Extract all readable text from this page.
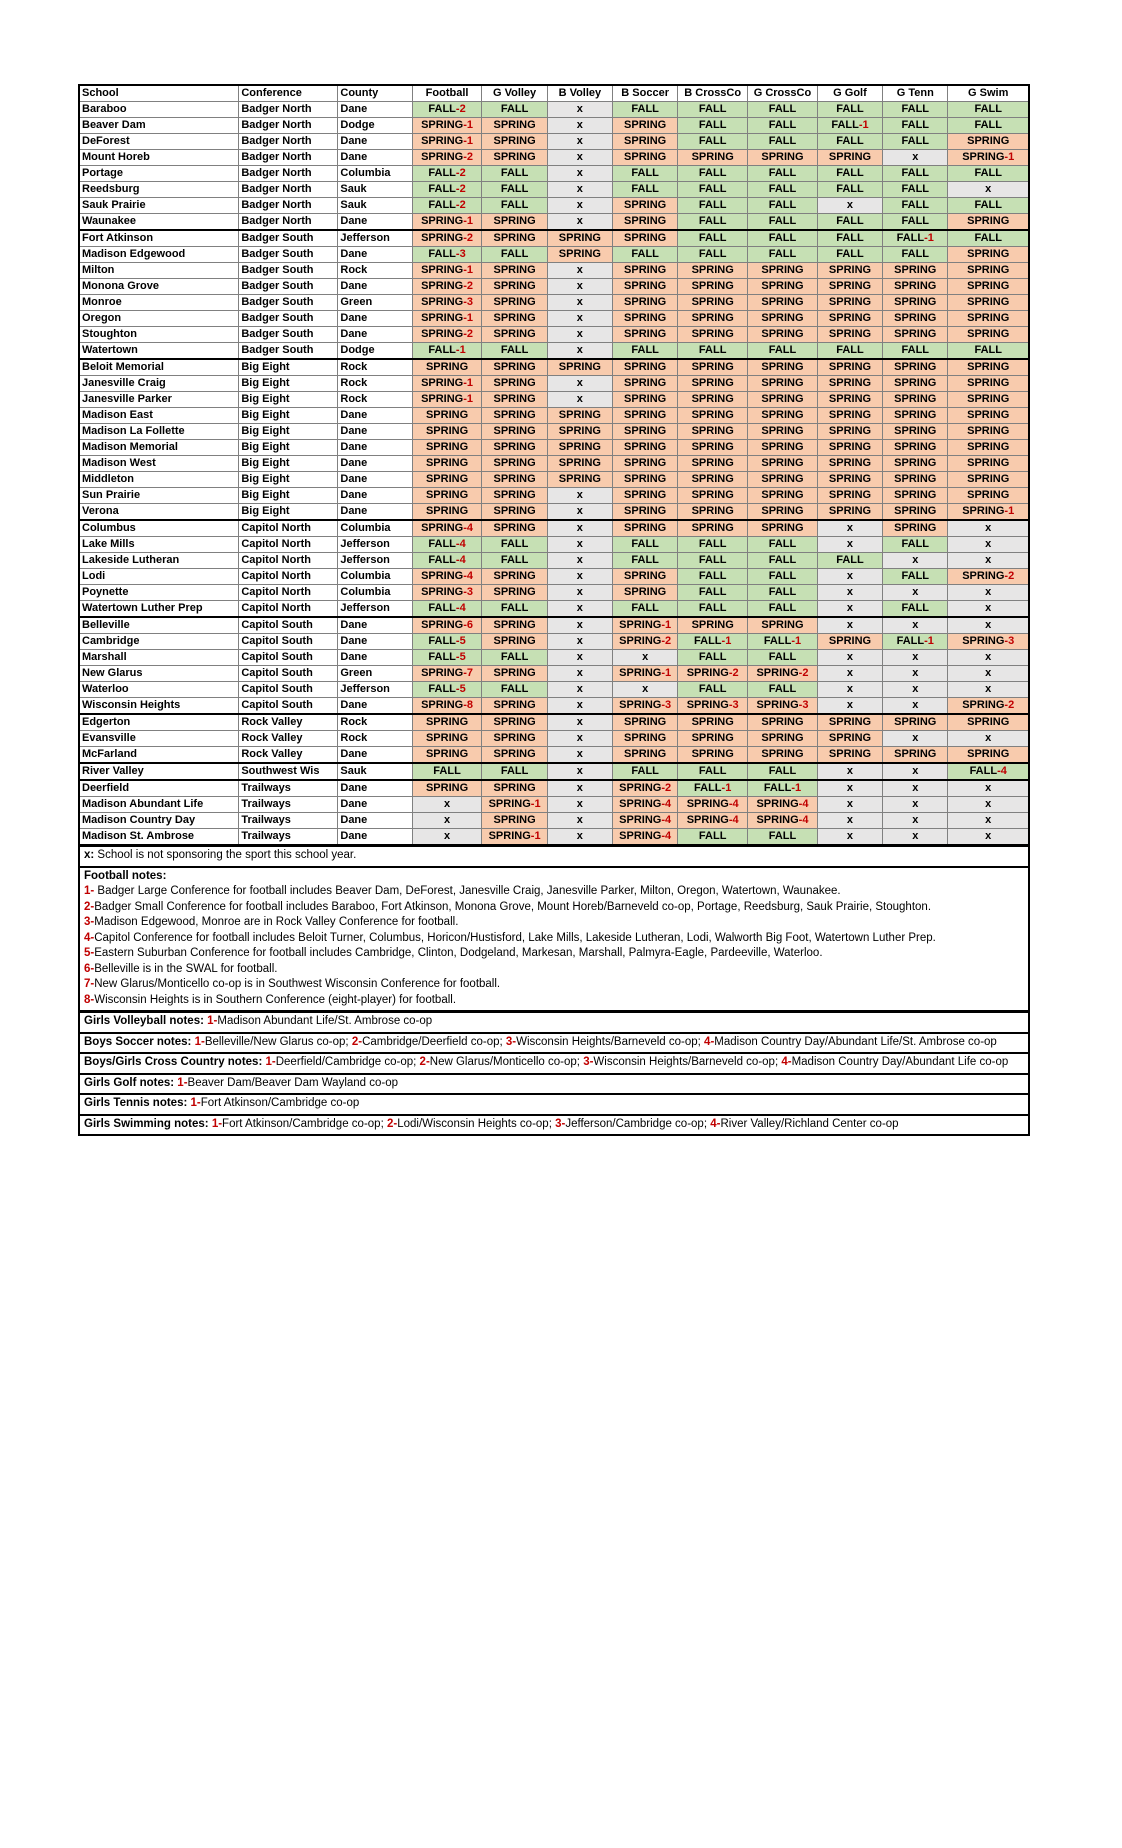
School	Conference	County	Football	G Volley	B Volley	B Soccer	B CrossCo	G CrossCo	G Golf	G Tenn	G Swim
Baraboo	Badger North	Dane	FALL-2	FALL	x	FALL	FALL	FALL	FALL	FALL	FALL
Beaver Dam	Badger North	Dodge	SPRING-1	SPRING	x	SPRING	FALL	FALL	FALL-1	FALL	FALL
DeForest	Badger North	Dane	SPRING-1	SPRING	x	SPRING	FALL	FALL	FALL	FALL	SPRING
Mount Horeb	Badger North	Dane	SPRING-2	SPRING	x	SPRING	SPRING	SPRING	SPRING	x	SPRING-1
Portage	Badger North	Columbia	FALL-2	FALL	x	FALL	FALL	FALL	FALL	FALL	FALL
Reedsburg	Badger North	Sauk	FALL-2	FALL	x	FALL	FALL	FALL	FALL	FALL	x
Sauk Prairie	Badger North	Sauk	FALL-2	FALL	x	SPRING	FALL	FALL	x	FALL	FALL
Waunakee	Badger North	Dane	SPRING-1	SPRING	x	SPRING	FALL	FALL	FALL	FALL	SPRING
Fort Atkinson	Badger South	Jefferson	SPRING-2	SPRING	SPRING	SPRING	FALL	FALL	FALL	FALL-1	FALL
Madison Edgewood	Badger South	Dane	FALL-3	FALL	SPRING	FALL	FALL	FALL	FALL	FALL	SPRING
Milton	Badger South	Rock	SPRING-1	SPRING	x	SPRING	SPRING	SPRING	SPRING	SPRING	SPRING
Monona Grove	Badger South	Dane	SPRING-2	SPRING	x	SPRING	SPRING	SPRING	SPRING	SPRING	SPRING
Monroe	Badger South	Green	SPRING-3	SPRING	x	SPRING	SPRING	SPRING	SPRING	SPRING	SPRING
Oregon	Badger South	Dane	SPRING-1	SPRING	x	SPRING	SPRING	SPRING	SPRING	SPRING	SPRING
Stoughton	Badger South	Dane	SPRING-2	SPRING	x	SPRING	SPRING	SPRING	SPRING	SPRING	SPRING
Watertown	Badger South	Dodge	FALL-1	FALL	x	FALL	FALL	FALL	FALL	FALL	FALL
Beloit Memorial	Big Eight	Rock	SPRING	SPRING	SPRING	SPRING	SPRING	SPRING	SPRING	SPRING	SPRING
Janesville Craig	Big Eight	Rock	SPRING-1	SPRING	x	SPRING	SPRING	SPRING	SPRING	SPRING	SPRING
Janesville Parker	Big Eight	Rock	SPRING-1	SPRING	x	SPRING	SPRING	SPRING	SPRING	SPRING	SPRING
Madison East	Big Eight	Dane	SPRING	SPRING	SPRING	SPRING	SPRING	SPRING	SPRING	SPRING	SPRING
Madison La Follette	Big Eight	Dane	SPRING	SPRING	SPRING	SPRING	SPRING	SPRING	SPRING	SPRING	SPRING
Madison Memorial	Big Eight	Dane	SPRING	SPRING	SPRING	SPRING	SPRING	SPRING	SPRING	SPRING	SPRING
Madison West	Big Eight	Dane	SPRING	SPRING	SPRING	SPRING	SPRING	SPRING	SPRING	SPRING	SPRING
Middleton	Big Eight	Dane	SPRING	SPRING	SPRING	SPRING	SPRING	SPRING	SPRING	SPRING	SPRING
Sun Prairie	Big Eight	Dane	SPRING	SPRING	x	SPRING	SPRING	SPRING	SPRING	SPRING	SPRING
Verona	Big Eight	Dane	SPRING	SPRING	x	SPRING	SPRING	SPRING	SPRING	SPRING	SPRING-1
Columbus	Capitol North	Columbia	SPRING-4	SPRING	x	SPRING	SPRING	SPRING	x	SPRING	x
Lake Mills	Capitol North	Jefferson	FALL-4	FALL	x	FALL	FALL	FALL	x	FALL	x
Lakeside Lutheran	Capitol North	Jefferson	FALL-4	FALL	x	FALL	FALL	FALL	FALL	x	x
Lodi	Capitol North	Columbia	SPRING-4	SPRING	x	SPRING	FALL	FALL	x	FALL	SPRING-2
Poynette	Capitol North	Columbia	SPRING-3	SPRING	x	SPRING	FALL	FALL	x	x	x
Watertown Luther Prep	Capitol North	Jefferson	FALL-4	FALL	x	FALL	FALL	FALL	x	FALL	x
Belleville	Capitol South	Dane	SPRING-6	SPRING	x	SPRING-1	SPRING	SPRING	x	x	x
Cambridge	Capitol South	Dane	FALL-5	SPRING	x	SPRING-2	FALL-1	FALL-1	SPRING	FALL-1	SPRING-3
Marshall	Capitol South	Dane	FALL-5	FALL	x	x	FALL	FALL	x	x	x
New Glarus	Capitol South	Green	SPRING-7	SPRING	x	SPRING-1	SPRING-2	SPRING-2	x	x	x
Waterloo	Capitol South	Jefferson	FALL-5	FALL	x	x	FALL	FALL	x	x	x
Wisconsin Heights	Capitol South	Dane	SPRING-8	SPRING	x	SPRING-3	SPRING-3	SPRING-3	x	x	SPRING-2
Edgerton	Rock Valley	Rock	SPRING	SPRING	x	SPRING	SPRING	SPRING	SPRING	SPRING	SPRING
Evansville	Rock Valley	Rock	SPRING	SPRING	x	SPRING	SPRING	SPRING	SPRING	x	x
McFarland	Rock Valley	Dane	SPRING	SPRING	x	SPRING	SPRING	SPRING	SPRING	SPRING	SPRING
River Valley	Southwest Wis	Sauk	FALL	FALL	x	FALL	FALL	FALL	x	x	FALL-4
Deerfield	Trailways	Dane	SPRING	SPRING	x	SPRING-2	FALL-1	FALL-1	x	x	x
Madison Abundant Life	Trailways	Dane	x	SPRING-1	x	SPRING-4	SPRING-4	SPRING-4	x	x	x
Madison Country Day	Trailways	Dane	x	SPRING	x	SPRING-4	SPRING-4	SPRING-4	x	x	x
Madison St. Ambrose	Trailways	Dane	x	SPRING-1	x	SPRING-4	FALL	FALL	x	x	x
x: School is not sponsoring the sport this school year.

Football notes:
1- Badger Large Conference for football includes Beaver Dam, DeForest, Janesville Craig, Janesville Parker, Milton, Oregon, Watertown, Waunakee.
2-Badger Small Conference for football includes Baraboo, Fort Atkinson, Monona Grove, Mount Horeb/Barneveld co-op, Portage, Reedsburg, Sauk Prairie, Stoughton.
3-Madison Edgewood, Monroe are in Rock Valley Conference for football.
4-Capitol Conference for football includes Beloit Turner, Columbus, Horicon/Hustisford, Lake Mills, Lakeside Lutheran, Lodi, Walworth Big Foot, Watertown Luther Prep.
5-Eastern Suburban Conference for football includes Cambridge, Clinton, Dodgeland, Markesan, Marshall, Palmyra-Eagle, Pardeeville, Waterloo.
6-Belleville is in the SWAL for football.
7-New Glarus/Monticello co-op is in Southwest Wisconsin Conference for football.
8-Wisconsin Heights is in Southern Conference (eight-player) for football.
Girls Volleyball notes: 1-Madison Abundant Life/St. Ambrose co-op
Boys Soccer notes: 1-Belleville/New Glarus co-op; 2-Cambridge/Deerfield co-op; 3-Wisconsin Heights/Barneveld co-op; 4-Madison Country Day/Abundant Life/St. Ambrose co-op
Boys/Girls Cross Country notes: 1-Deerfield/Cambridge co-op; 2-New Glarus/Monticello co-op; 3-Wisconsin Heights/Barneveld co-op; 4-Madison Country Day/Abundant Life co-op
Girls Golf notes: 1-Beaver Dam/Beaver Dam Wayland co-op
Girls Tennis notes: 1-Fort Atkinson/Cambridge co-op
Girls Swimming notes: 1-Fort Atkinson/Cambridge co-op; 2-Lodi/Wisconsin Heights co-op; 3-Jefferson/Cambridge co-op; 4-River Valley/Richland Center co-op
